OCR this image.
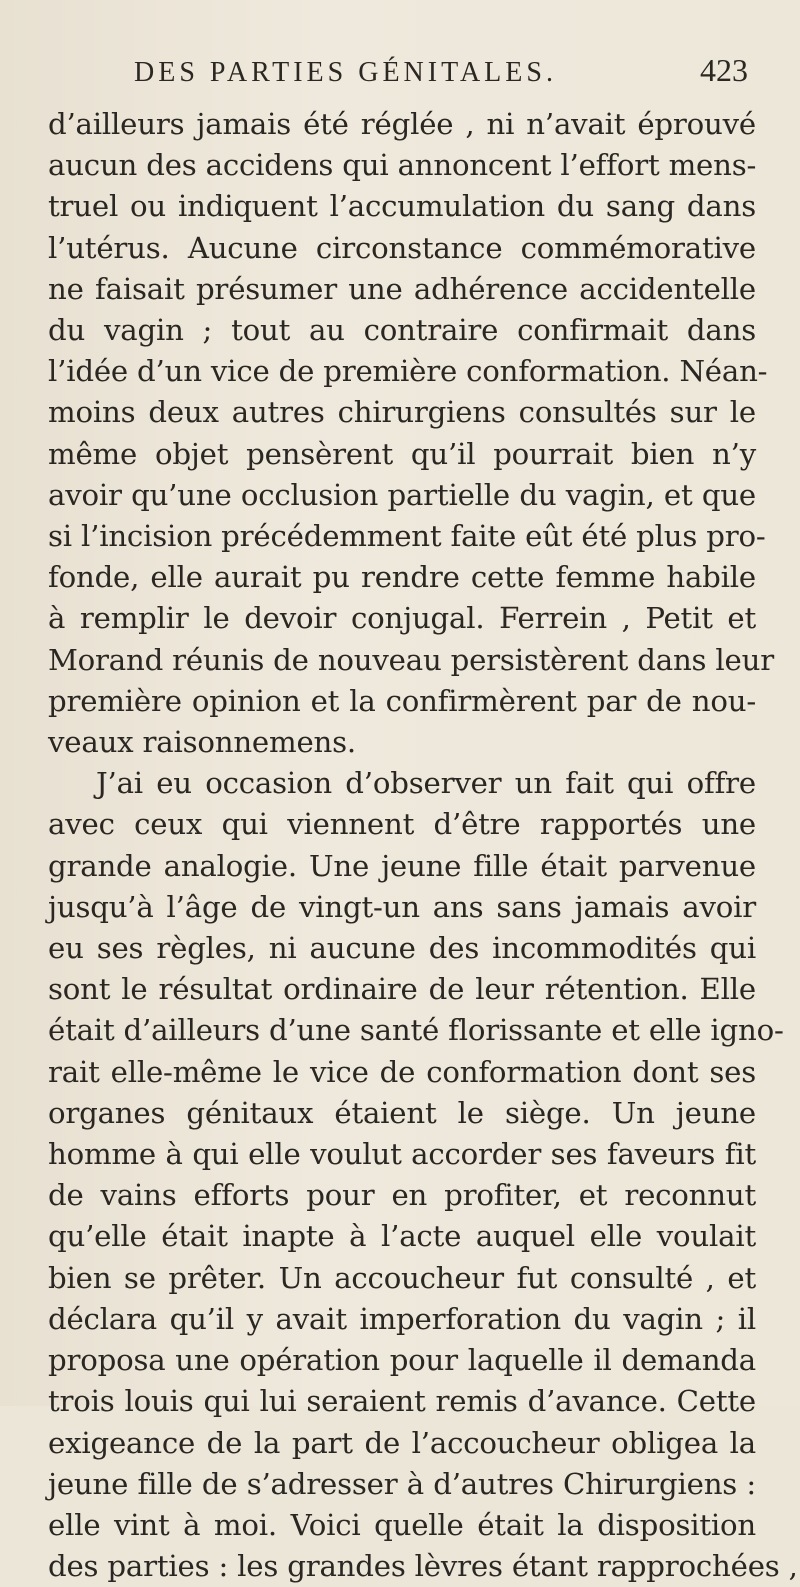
DES PARTIES GÉNITALES.	423
d’ailleurs jamais été réglée , ni n’avait éprouvé
aucun des accidens qui annoncent l’effort mens-
truel ou indiquent l’accumulation du sang dans
l’utérus. Aucune circonstance commémorative
ne faisait présumer une adhérence accidentelle
du vagin ; tout au contraire confirmait dans
l’idée d’un vice de première conformation. Néan-
moins deux autres chirurgiens consultés sur le
même objet pensèrent qu’il pourrait bien n’y
avoir qu’une occlusion partielle du vagin, et que
si l’incision précédemment faite eût été plus pro-
fonde, elle aurait pu rendre cette femme habile
à remplir le devoir conjugal. Ferrein , Petit et
Morand réunis de nouveau persistèrent dans leur
première opinion et la confirmèrent par de nou-
veaux raisonnemens.
J’ai eu occasion d’observer un fait qui offre
avec ceux qui viennent d’être rapportés une
grande analogie. Une jeune fille était parvenue
jusqu’à l’âge de vingt-un ans sans jamais avoir
eu ses règles, ni aucune des incommodités qui
sont le résultat ordinaire de leur rétention. Elle
était d’ailleurs d’une santé florissante et elle igno-
rait elle-même le vice de conformation dont ses
organes génitaux étaient le siège. Un jeune
homme à qui elle voulut accorder ses faveurs fit
de vains efforts pour en profiter, et reconnut
qu’elle était inapte à l’acte auquel elle voulait
bien se prêter. Un accoucheur fut consulté , et
déclara qu’il y avait imperforation du vagin ; il
proposa une opération pour laquelle il demanda
trois louis qui lui seraient remis d’avance. Cette
exigeance de la part de l’accoucheur obligea la
jeune fille de s’adresser à d’autres Chirurgiens :
elle vint à moi. Voici quelle était la disposition
des parties : les grandes lèvres étant rapprochées ,
